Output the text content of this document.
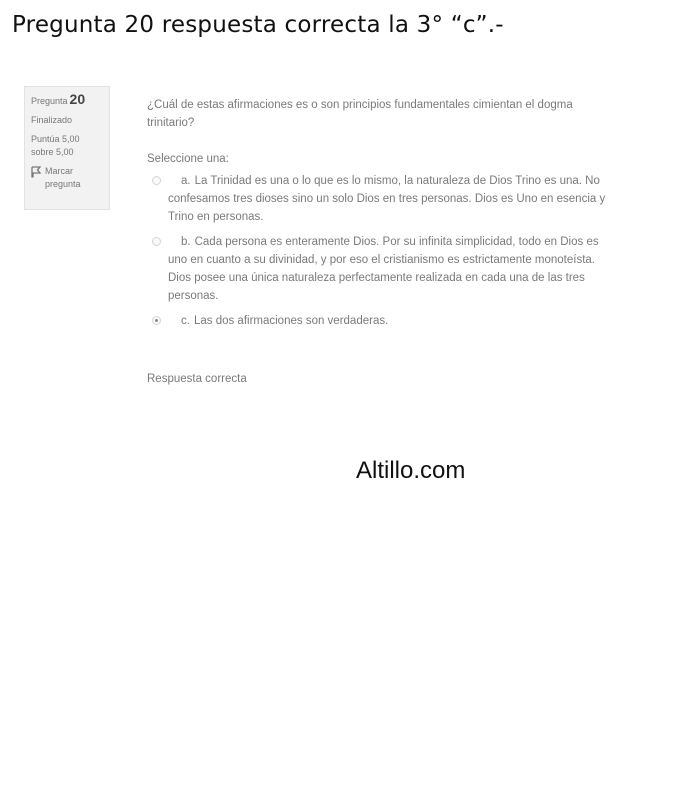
Pregunta 20 respuesta correcta la 3° “c”.-
Pregunta 20
Finalizado
Puntúa 5,00
sobre 5,00
Marcar
pregunta

¿Cuál de estas afirmaciones es o son principios fundamentales cimientan el dogma trinitario?

Seleccione una:

a. La Trinidad es una o lo que es lo mismo, la naturaleza de Dios Trino es una. No confesamos tres dioses sino un solo Dios en tres personas. Dios es Uno en esencia y Trino en personas.
b. Cada persona es enteramente Dios. Por su infinita simplicidad, todo en Dios es uno en cuanto a su divinidad, y por eso el cristianismo es estrictamente monoteísta. Dios posee una única naturaleza perfectamente realizada en cada una de las tres personas.
c. Las dos afirmaciones son verdaderas.
Respuesta correcta
Altillo.com
